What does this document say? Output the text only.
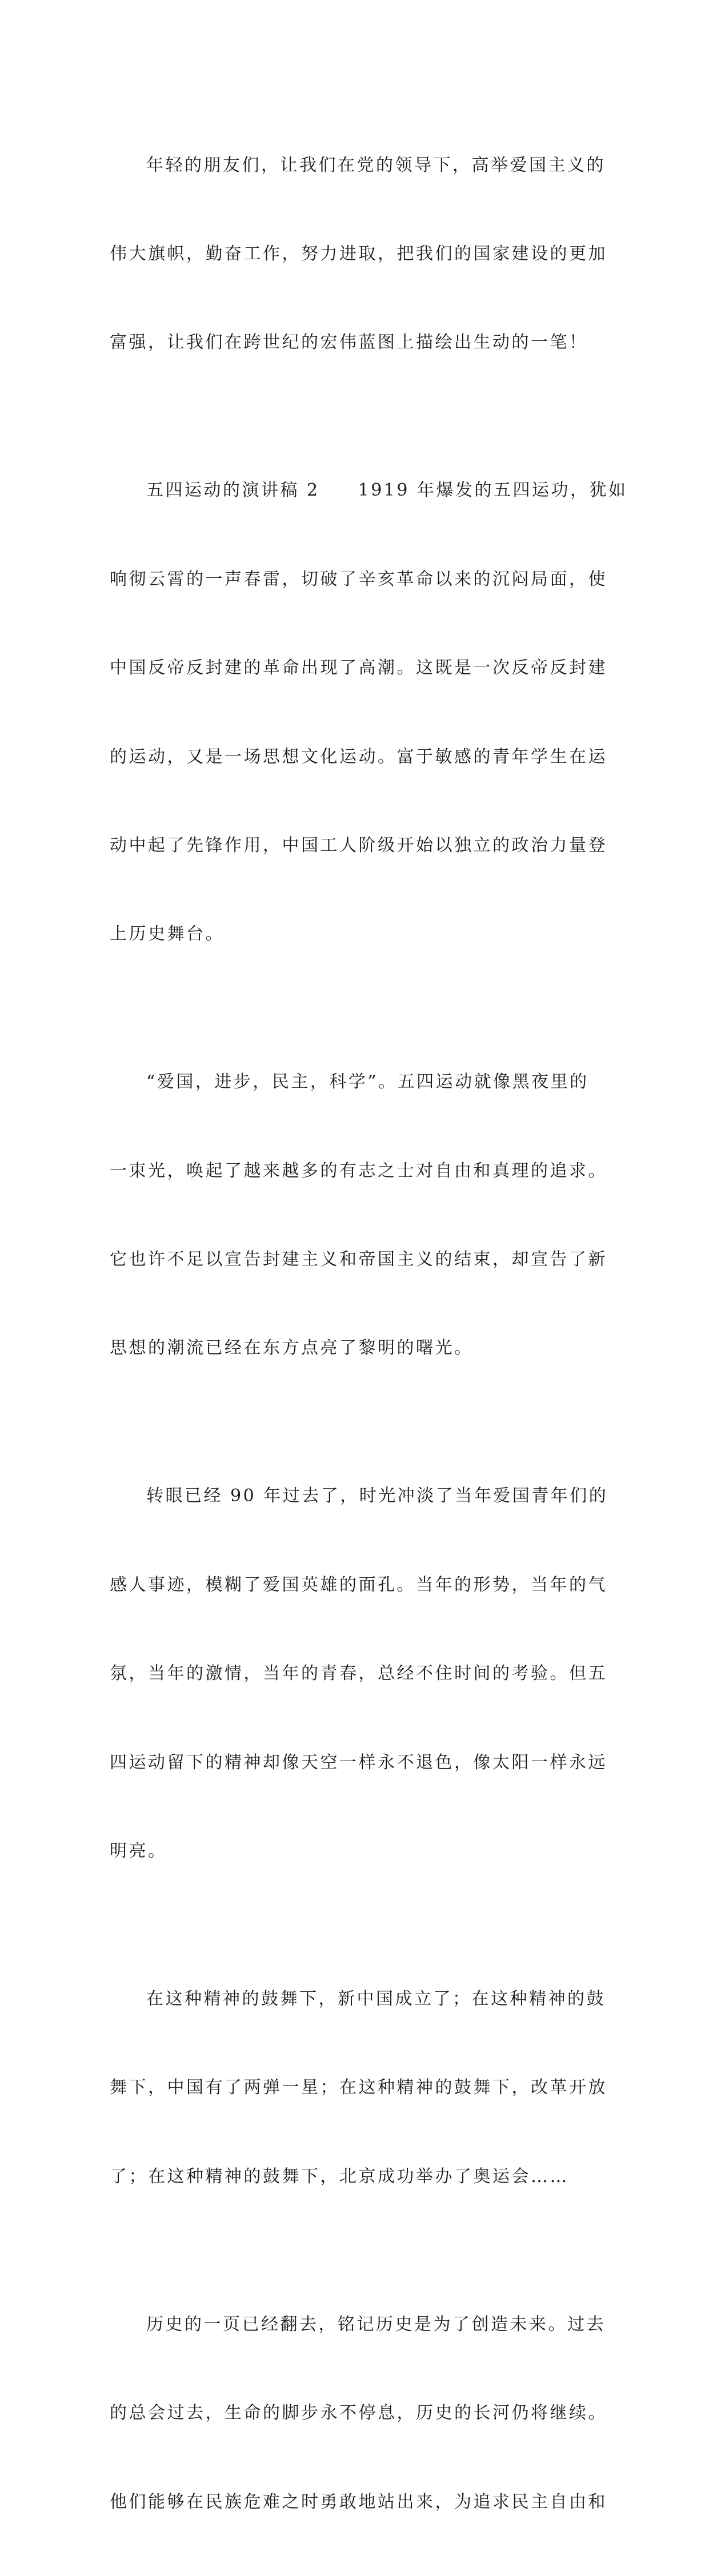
年轻的朋友们，让我们在党的领导下，高举爱国主义的

伟大旗帜，勤奋工作，努力进取，把我们的国家建设的更加

富强，让我们在跨世纪的宏伟蓝图上描绘出生动的一笔！

五四运动的演讲稿 2　　1919 年爆发的五四运功，犹如

响彻云霄的一声春雷，切破了辛亥革命以来的沉闷局面，使

中国反帝反封建的革命出现了高潮。这既是一次反帝反封建

的运动，又是一场思想文化运动。富于敏感的青年学生在运

动中起了先锋作用，中国工人阶级开始以独立的政治力量登

上历史舞台。

“爱国，进步，民主，科学”。五四运动就像黑夜里的

一束光，唤起了越来越多的有志之士对自由和真理的追求。

它也许不足以宣告封建主义和帝国主义的结束，却宣告了新

思想的潮流已经在东方点亮了黎明的曙光。

转眼已经 90 年过去了，时光冲淡了当年爱国青年们的

感人事迹，模糊了爱国英雄的面孔。当年的形势，当年的气

氛，当年的激情，当年的青春，总经不住时间的考验。但五

四运动留下的精神却像天空一样永不退色，像太阳一样永远

明亮。

在这种精神的鼓舞下，新中国成立了；在这种精神的鼓

舞下，中国有了两弹一星；在这种精神的鼓舞下，改革开放

了；在这种精神的鼓舞下，北京成功举办了奥运会……

历史的一页已经翻去，铭记历史是为了创造未来。过去

的总会过去，生命的脚步永不停息，历史的长河仍将继续。

他们能够在民族危难之时勇敢地站出来，为追求民主自由和
